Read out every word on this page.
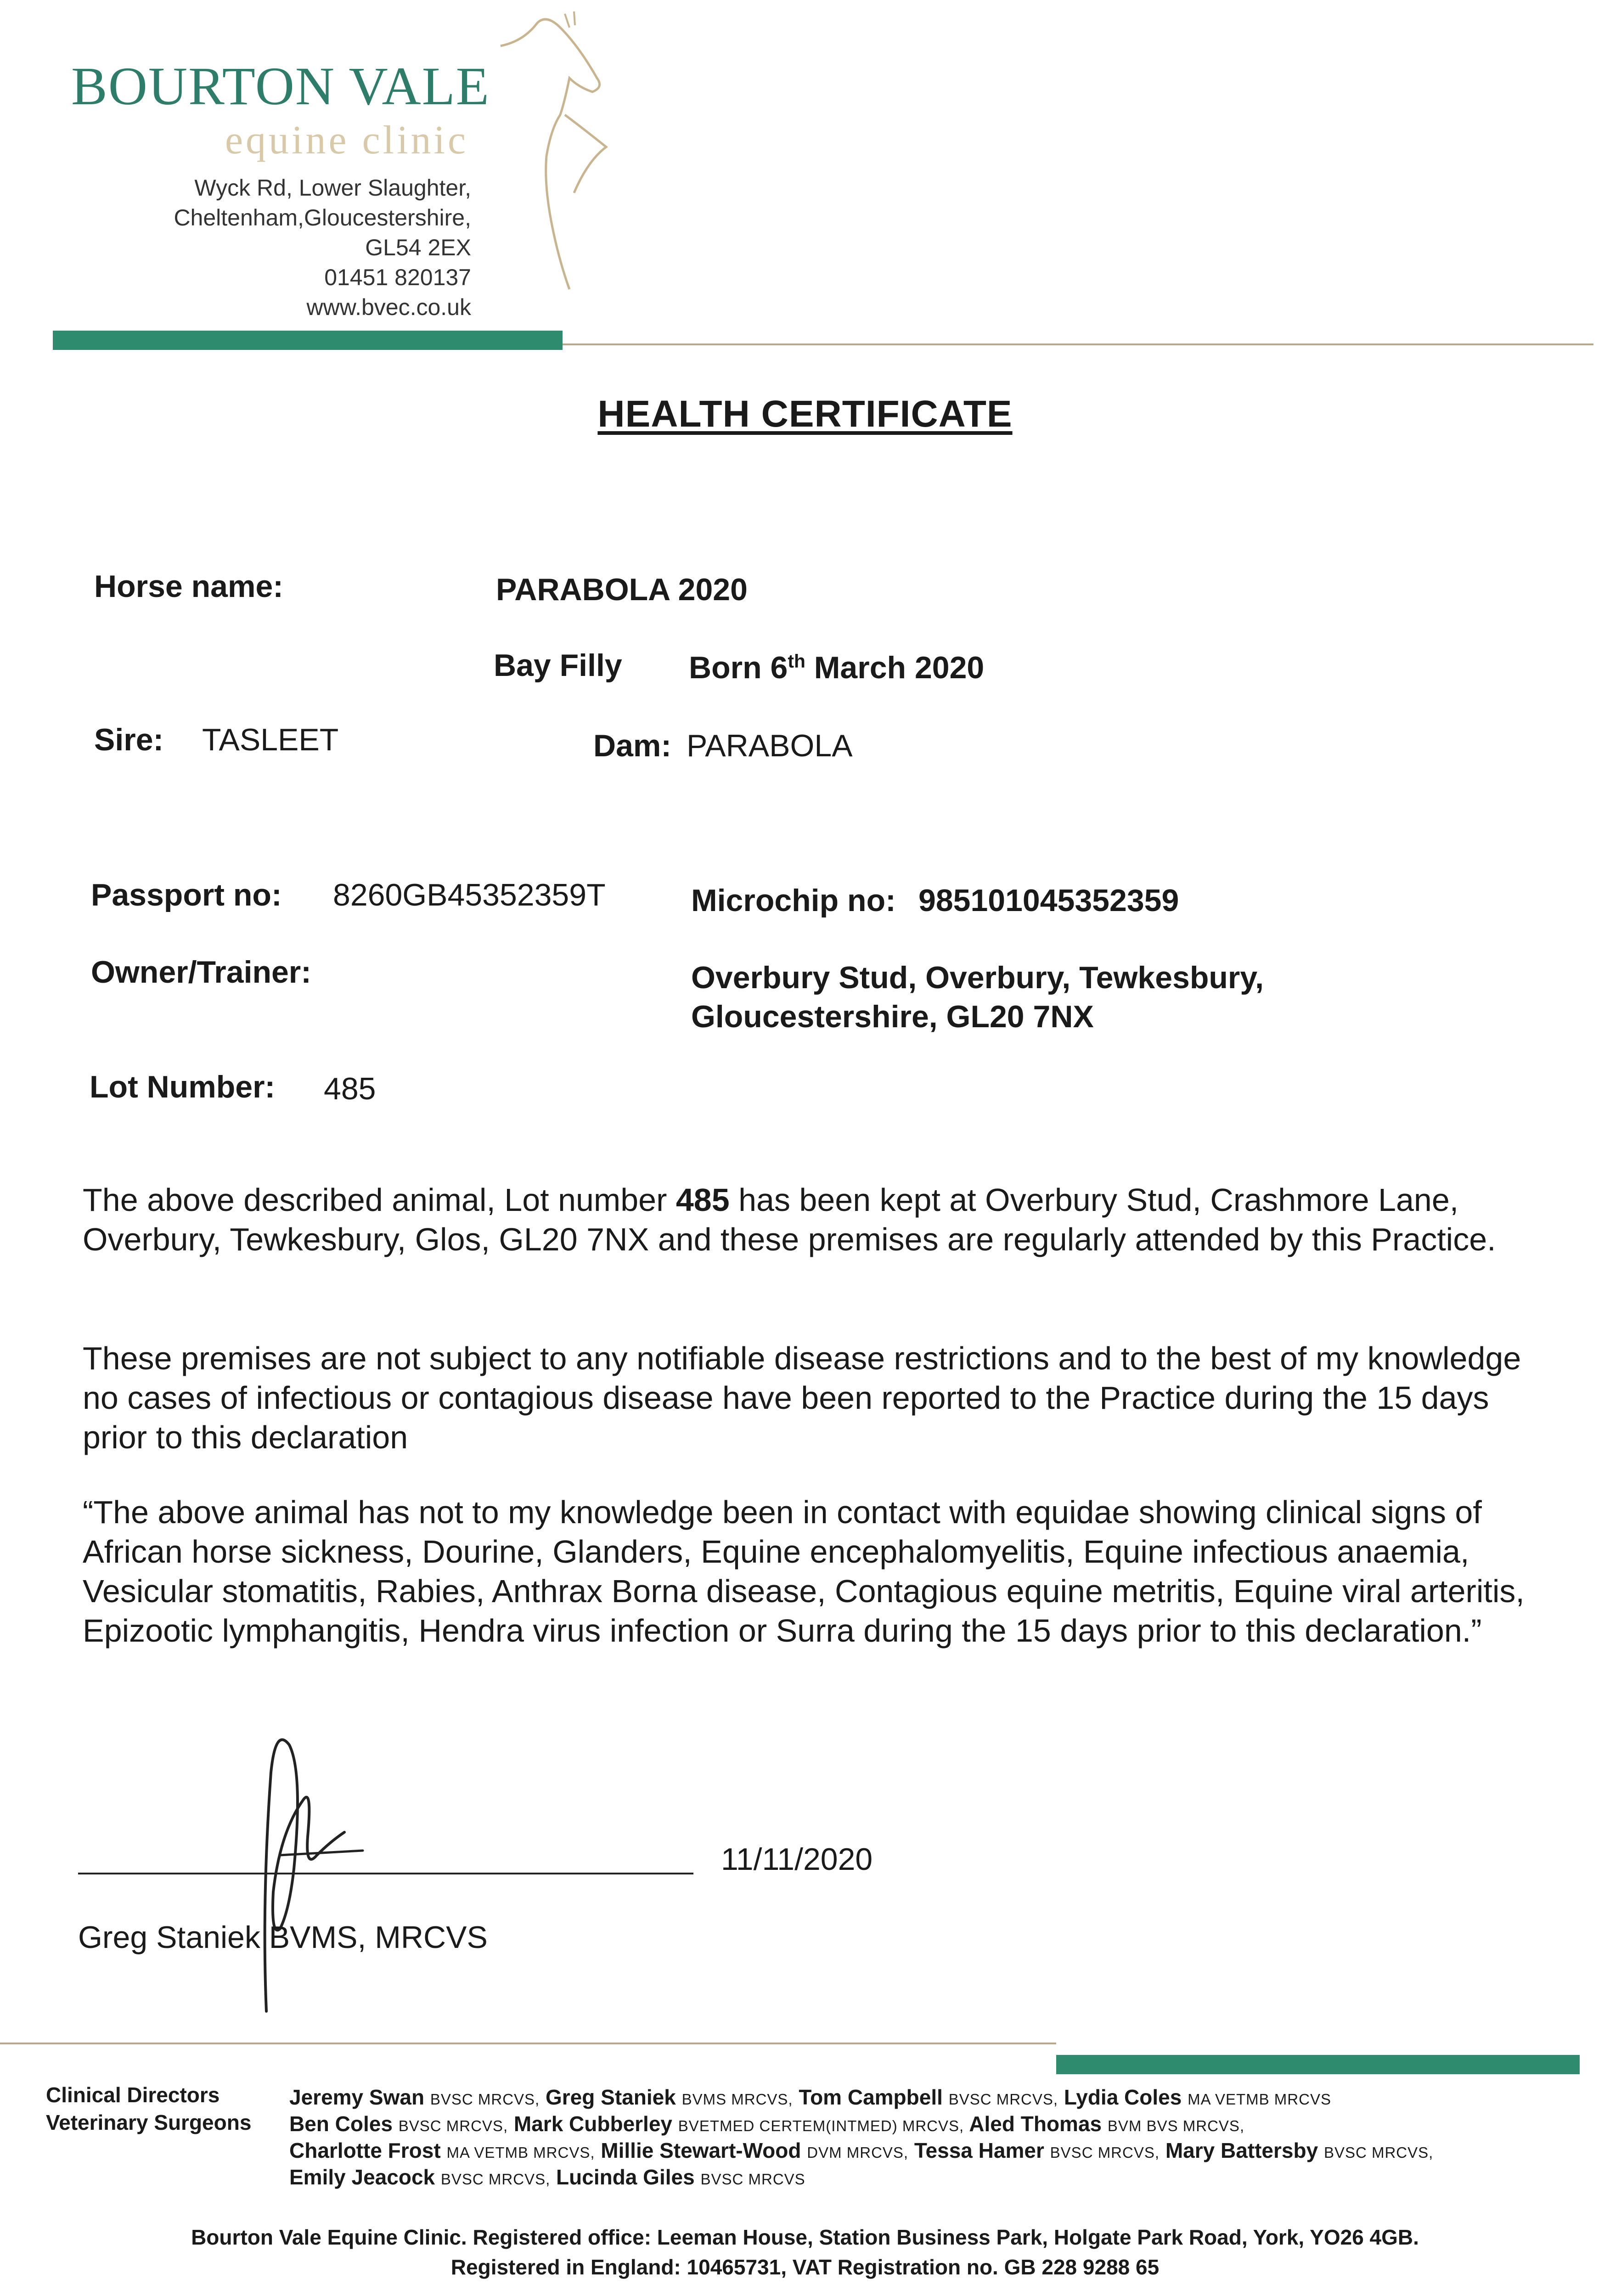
BOURTON VALE
equine clinic
Wyck Rd, Lower Slaughter,
Cheltenham,Gloucestershire,
GL54 2EX
01451 820137
www.bvec.co.uk
HEALTH CERTIFICATE
Horse name:	PARABOLA 2020
Bay Filly Born 6th March 2020
Sire: TASLEET	Dam: PARABOLA
Passport no: 8260GB45352359T	Microchip no: 985101045352359
Owner/Trainer:	Overbury Stud, Overbury, Tewkesbury,
Gloucestershire, GL20 7NX
Lot Number: 485

The above described animal, Lot number 485 has been kept at Overbury Stud, Crashmore Lane, Overbury, Tewkesbury, Glos, GL20 7NX and these premises are regularly attended by this Practice.

These premises are not subject to any notifiable disease restrictions and to the best of my knowledge no cases of infectious or contagious disease have been reported to the Practice during the 15 days prior to this declaration

“The above animal has not to my knowledge been in contact with equidae showing clinical signs of African horse sickness, Dourine, Glanders, Equine encephalomyelitis, Equine infectious anaemia, Vesicular stomatitis, Rabies, Anthrax Borna disease, Contagious equine metritis, Equine viral arteritis, Epizootic lymphangitis, Hendra virus infection or Surra during the 15 days prior to this declaration.”

11/11/2020
Greg Staniek BVMS, MRCVS
Clinical Directors
Veterinary Surgeons
Jeremy Swan BVSC MRCVS, Greg Staniek BVMS MRCVS, Tom Campbell BVSC MRCVS, Lydia Coles MA VETMB MRCVS
Ben Coles BVSC MRCVS, Mark Cubberley BVETMED CERTEM(INTMED) MRCVS, Aled Thomas BVM BVS MRCVS,
Charlotte Frost MA VETMB MRCVS, Millie Stewart-Wood DVM MRCVS, Tessa Hamer BVSC MRCVS, Mary Battersby BVSC MRCVS,
Emily Jeacock BVSC MRCVS, Lucinda Giles BVSC MRCVS
Bourton Vale Equine Clinic. Registered office: Leeman House, Station Business Park, Holgate Park Road, York, YO26 4GB.
Registered in England: 10465731, VAT Registration no. GB 228 9288 65
